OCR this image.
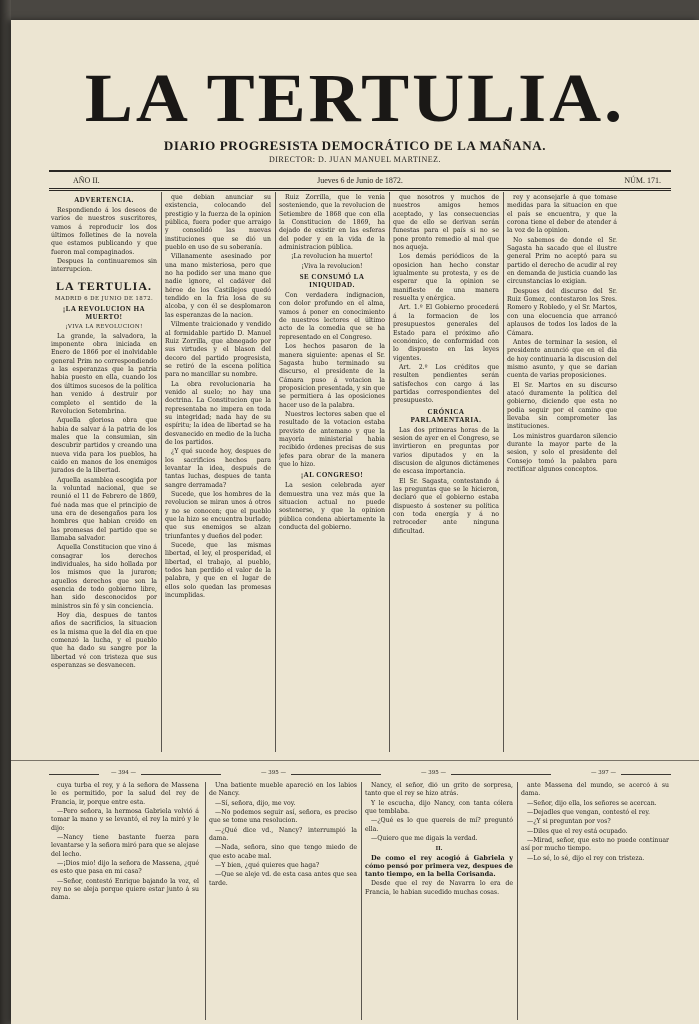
LA TERTULIA.
DIARIO PROGRESISTA DEMOCRÁTICO DE LA MAÑANA.
DIRECTOR: D. JUAN MANUEL MARTINEZ.
AÑO II.	Jueves 6 de Junio de 1872.	NÚM. 171.
ADVERTENCIA.

Respondiendo á los deseos de varios de nuestros suscritores, vamos á reproducir los dos últimos folletines de la novela que estamos publicando y que fueron mal compaginados.

Despues la continuaremos sin interrupcion.

LA TERTULIA.
MADRID 6 DE JUNIO DE 1872.
¡LA REVOLUCION HA MUERTO!
¡VIVA LA REVOLUCION!

La grande, la salvadora, la imponente obra iniciada en Enero de 1866 por el inolvidable general Prim no correspondiendo a las esperanzas que la patria habia puesto en ella, cuando los dos últimos sucesos de la política han venido á destruir por completo el sentido de la Revolucion Setembrina.

Aquella gloriosa obra que habia de salvar á la patria de los males que la consumian, sin descubrir partidos y creando una nueva vida para los pueblos, ha caido en manos de los enemigos jurados de la libertad.

Aquella asamblea escogida por la voluntad nacional, que se reunió el 11 de Febrero de 1869, fué nada mas que el principio de una era de desengaños para los hombres que habian creido en las promesas del partido que se llamaba salvador.

Aquella Constitucion que vino á consagrar los derechos individuales, ha sido hollada por los mismos que la juraron; aquellos derechos que son la esencia de todo gobierno libre, han sido desconocidos por ministros sin fé y sin conciencia.

Hoy dia, despues de tantos años de sacrificios, la situacion es la misma que la del dia en que comenzó la lucha, y el pueblo que ha dado su sangre por la libertad vé con tristeza que sus esperanzas se desvanecen.

que debian anunciar su existencia, colocando del prestigio y la fuerza de la opinion pública, fuera poder que arraigo y consolidó las nuevas instituciones que se dió un pueblo en uso de su soberanía.

Villanamente asesinado por una mano misteriosa, pero que no ha podido ser una mano que nadie ignore, el cadáver del héroe de los Castillejos quedó tendido en la fria losa de su alcoba, y con él se desplomaron las esperanzas de la nacion.

Vilmente traicionado y vendido al formidable partido D. Manuel Ruiz Zorrilla, que abnegado por sus virtudes y el blason del decoro del partido progresista, se retiró de la escena política para no mancillar su nombre.

La obra revolucionaria ha venido al suelo; no hay una doctrina. La Constitucion que la representaba no impera en toda su integridad; nada hay de su espíritu; la idea de libertad se ha desvanecido en medio de la lucha de los partidos.

¿Y qué sucede hoy, despues de los sacrificios hechos para levantar la idea, después de tantas luchas, despues de tanta sangre derramada?

Sucede, que los hombres de la revolucion se miran unos á otros y no se conocen; que el pueblo que la hizo se encuentra burlado; que sus enemigos se alzan triunfantes y dueños del poder.

Sucede, que las mismas libertad, el ley, el prosperidad, el libertad, el trabajo, al pueblo, todos han perdido el valor de la palabra, y que en el lugar de ellos solo quedan las promesas incumplidas.

Ruiz Zorrilla, que le venía sosteniendo, que la revolucion de Setiembre de 1868 que con ella la Constitucion de 1869, ha dejado de existir en las esferas del poder y en la vida de la administracion pública.

¡La revolucion ha muerto!

¡Viva la revolucion!

SE CONSUMÓ LA INIQUIDAD.

Con verdadera indignacion, con dolor profundo en el alma, vamos á poner en conocimiento de nuestros lectores el último acto de la comedia que se ha representado en el Congreso.

Los hechos pasaron de la manera siguiente: apenas el Sr. Sagasta hubo terminado su discurso, el presidente de la Cámara puso á votacion la proposicion presentada, y sin que se permitiera á las oposiciones hacer uso de la palabra.

Nuestros lectores saben que el resultado de la votacion estaba previsto de antemano y que la mayoría ministerial habia recibido órdenes precisas de sus jefes para obrar de la manera que lo hizo.

¡AL CONGRESO!

La sesion celebrada ayer demuestra una vez más que la situacion actual no puede sostenerse, y que la opinion pública condena abiertamente la conducta del gobierno.

que nosotros y muchos de nuestros amigos hemos aceptado, y las consecuencias que de ello se derivan serán funestas para el país si no se pone pronto remedio al mal que nos aqueja.

Los demás periódicos de la oposicion han hecho constar igualmente su protesta, y es de esperar que la opinion se manifieste de una manera resuelta y enérgica.

Art. 1.º El Gobierno procederá á la formacion de los presupuestos generales del Estado para el próximo año económico, de conformidad con lo dispuesto en las leyes vigentes.

Art. 2.º Los créditos que resulten pendientes serán satisfechos con cargo á las partidas correspondientes del presupuesto.

CRÓNICA PARLAMENTARIA.

Las dos primeras horas de la sesion de ayer en el Congreso, se invirtieron en preguntas por varios diputados y en la discusion de algunos dictámenes de escasa importancia.

El Sr. Sagasta, contestando á las preguntas que se le hicieron, declaró que el gobierno estaba dispuesto á sostener su política con toda energía y á no retroceder ante ninguna dificultad.

rey y aconsejarle á que tomase medidas para la situacion en que el país se encuentra, y que la corona tiene el deber de atender á la voz de la opinion.

No sabemos de donde el Sr. Sagasta ha sacado que el ilustre general Prim no aceptó para su partido el derecho de acudir al rey en demanda de justicia cuando las circunstancias lo exigian.

Despues del discurso del Sr. Ruiz Gomez, contestaron los Sres. Romero y Robledo, y el Sr. Martos, con una elocuencia que arrancó aplausos de todos los lados de la Cámara.

Antes de terminar la sesion, el presidente anunció que en el dia de hoy continuaria la discusion del mismo asunto, y que se darian cuenta de varias proposiciones.

El Sr. Martos en su discurso atacó duramente la política del gobierno, diciendo que esta no podia seguir por el camino que llevaba sin comprometer las instituciones.

Los ministros guardaron silencio durante la mayor parte de la sesion, y solo el presidente del Consejo tomó la palabra para rectificar algunos conceptos.

— 394 —	— 395 —	— 395 —	— 397 —

cuya turba el rey, y á la señora de Massena le es permitido, por la salud del rey de Francia, ir, porque entre esta.

—Pero señora, la hermosa Gabriela volvió á tomar la mano y se levantó, el rey la miró y le dijo:

—Nancy tiene bastante fuerza para levantarse y la señora miró para que se alejase del lecho.

—¡Dios mio! dijo la señora de Massena, ¿qué es esto que pasa en mi casa?

—Señor, contestó Enrique bajando la voz, el rey no se aleja porque quiere estar junto á su dama.

Una batiente mueble apareció en los labios de Nancy.

—Sí, señora, dijo, me voy.

—No podemos seguir así, señora, es preciso que se tome una resolucion.

—¿Qué dice vd., Nancy? interrumpió la dama.

—Nada, señora, sino que tengo miedo de que esto acabe mal.

—Y bien, ¿qué quieres que haga?

—Que se aleje vd. de esta casa antes que sea tarde.

Nancy, el señor, dió un grito de sorpresa, tanto que el rey se hizo atrás.

Y le escucha, dijo Nancy, con tanta cólera que temblaba.

—¿Qué es lo que quereis de mí? preguntó ella.

—Quiero que me digais la verdad.

II.

De como el rey acogió á Gabriela y cómo pensó por primera vez, despues de tanto tiempo, en la bella Corisanda.

Desde que el rey de Navarra lo era de Francia, le habian sucedido muchas cosas.

ante Massena del mundo, se acercó á su dama.

—Señor, dijo ella, los señores se acercan.

—Dejadles que vengan, contestó el rey.

—¿Y si preguntan por vos?

—Diles que el rey está ocupado.

—Mirad, señor, que esto no puede continuar así por mucho tiempo.

—Lo sé, lo sé, dijo el rey con tristeza.
